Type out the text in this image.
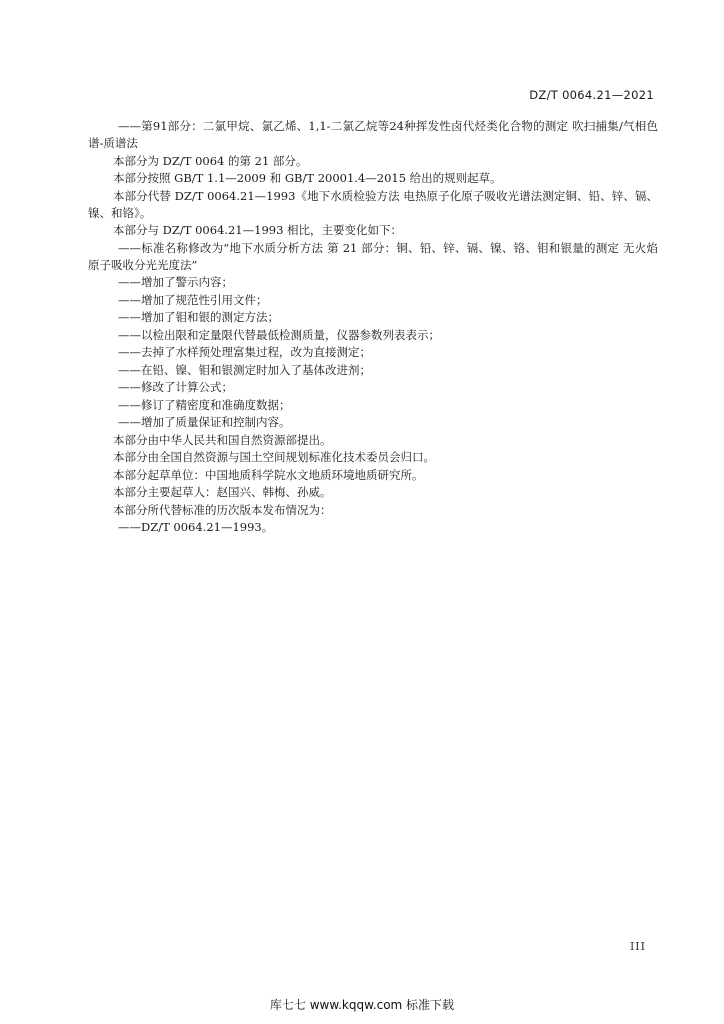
DZ/T 0064.21—2021

——第91部分：二氯甲烷、氯乙烯、1,1-二氯乙烷等24种挥发性卤代烃类化合物的测定 吹扫捕集/气相色谱-质谱法

本部分为 DZ/T 0064 的第 21 部分。

本部分按照 GB/T 1.1—2009 和 GB/T 20001.4—2015 给出的规则起草。

本部分代替 DZ/T 0064.21—1993《地下水质检验方法 电热原子化原子吸收光谱法测定铜、铅、锌、镉、镍、和铬》。

本部分与 DZ/T 0064.21—1993 相比，主要变化如下：

——标准名称修改为“地下水质分析方法 第 21 部分：铜、铅、锌、镉、镍、铬、钼和银量的测定 无火焰原子吸收分光光度法”

——增加了警示内容；

——增加了规范性引用文件；

——增加了钼和银的测定方法；

——以检出限和定量限代替最低检测质量，仪器参数列表表示；

——去掉了水样预处理富集过程，改为直接测定；

——在铅、镍、钼和银测定时加入了基体改进剂；

——修改了计算公式；

——修订了精密度和准确度数据；

——增加了质量保证和控制内容。

本部分由中华人民共和国自然资源部提出。

本部分由全国自然资源与国土空间规划标准化技术委员会归口。

本部分起草单位：中国地质科学院水文地质环境地质研究所。

本部分主要起草人：赵国兴、韩梅、孙威。

本部分所代替标准的历次版本发布情况为：

——DZ/T 0064.21—1993。

III
库七七 www.kqqw.com 标准下载
